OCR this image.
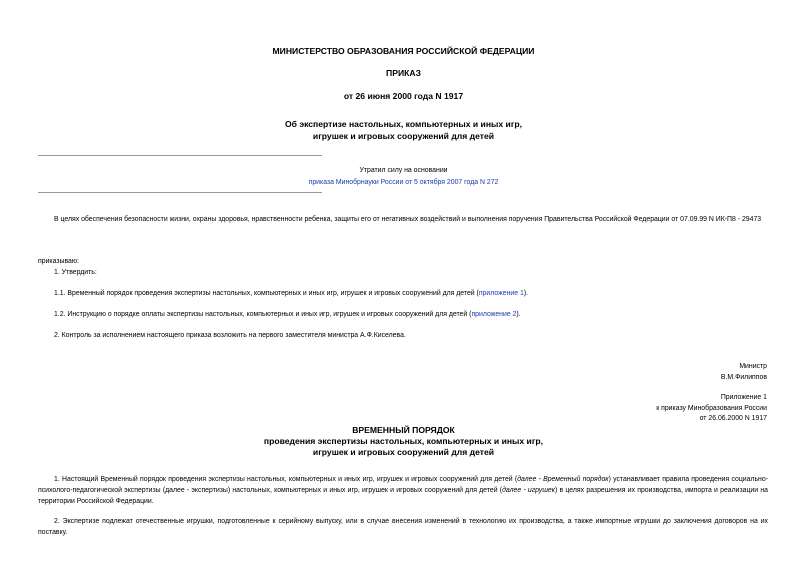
МИНИСТЕРСТВО ОБРАЗОВАНИЯ РОССИЙСКОЙ ФЕДЕРАЦИИ
ПРИКАЗ
от 26 июня 2000 года N 1917
Об экспертизе настольных, компьютерных и иных игр,
игрушек и игровых сооружений для детей
Утратил силу на основании
приказа Минобрнауки России от 5 октября 2007 года N 272
В целях обеспечения безопасности жизни, охраны здоровья, нравственности ребенка, защиты его от негативных воздействий и выполнения поручения Правительства Российской Федерации от 07.09.99 N ИК-П8 - 29473
приказываю:
1. Утвердить:
1.1. Временный порядок проведения экспертизы настольных, компьютерных и иных игр, игрушек и игровых сооружений для детей (приложение 1).
1.2. Инструкцию о порядке оплаты экспертизы настольных, компьютерных и иных игр, игрушек и игровых сооружений для детей (приложение 2).
2. Контроль за исполнением настоящего приказа возложить на первого заместителя министра А.Ф.Киселева.
Министр
В.М.Филиппов
Приложение 1
к приказу Минобразования России
от 26.06.2000 N 1917
ВРЕМЕННЫЙ ПОРЯДОК
проведения экспертизы настольных, компьютерных и иных игр,
игрушек и игровых сооружений для детей
1. Настоящий Временный порядок проведения экспертизы настольных, компьютерных и иных игр, игрушек и игровых сооружений для детей (далее - Временный порядок) устанавливает правила проведения социально-психолого-педагогической экспертизы (далее - экспертизы) настольных, компьютерных и иных игр, игрушек и игровых сооружений для детей (далее - игрушек) в целях разрешения их производства, импорта и реализации на территории Российской Федерации.
2. Экспертизе подлежат отечественные игрушки, подготовленные к серийному выпуску, или в случае внесения изменений в технологию их производства, а также импортные игрушки до заключения договоров на их поставку.
